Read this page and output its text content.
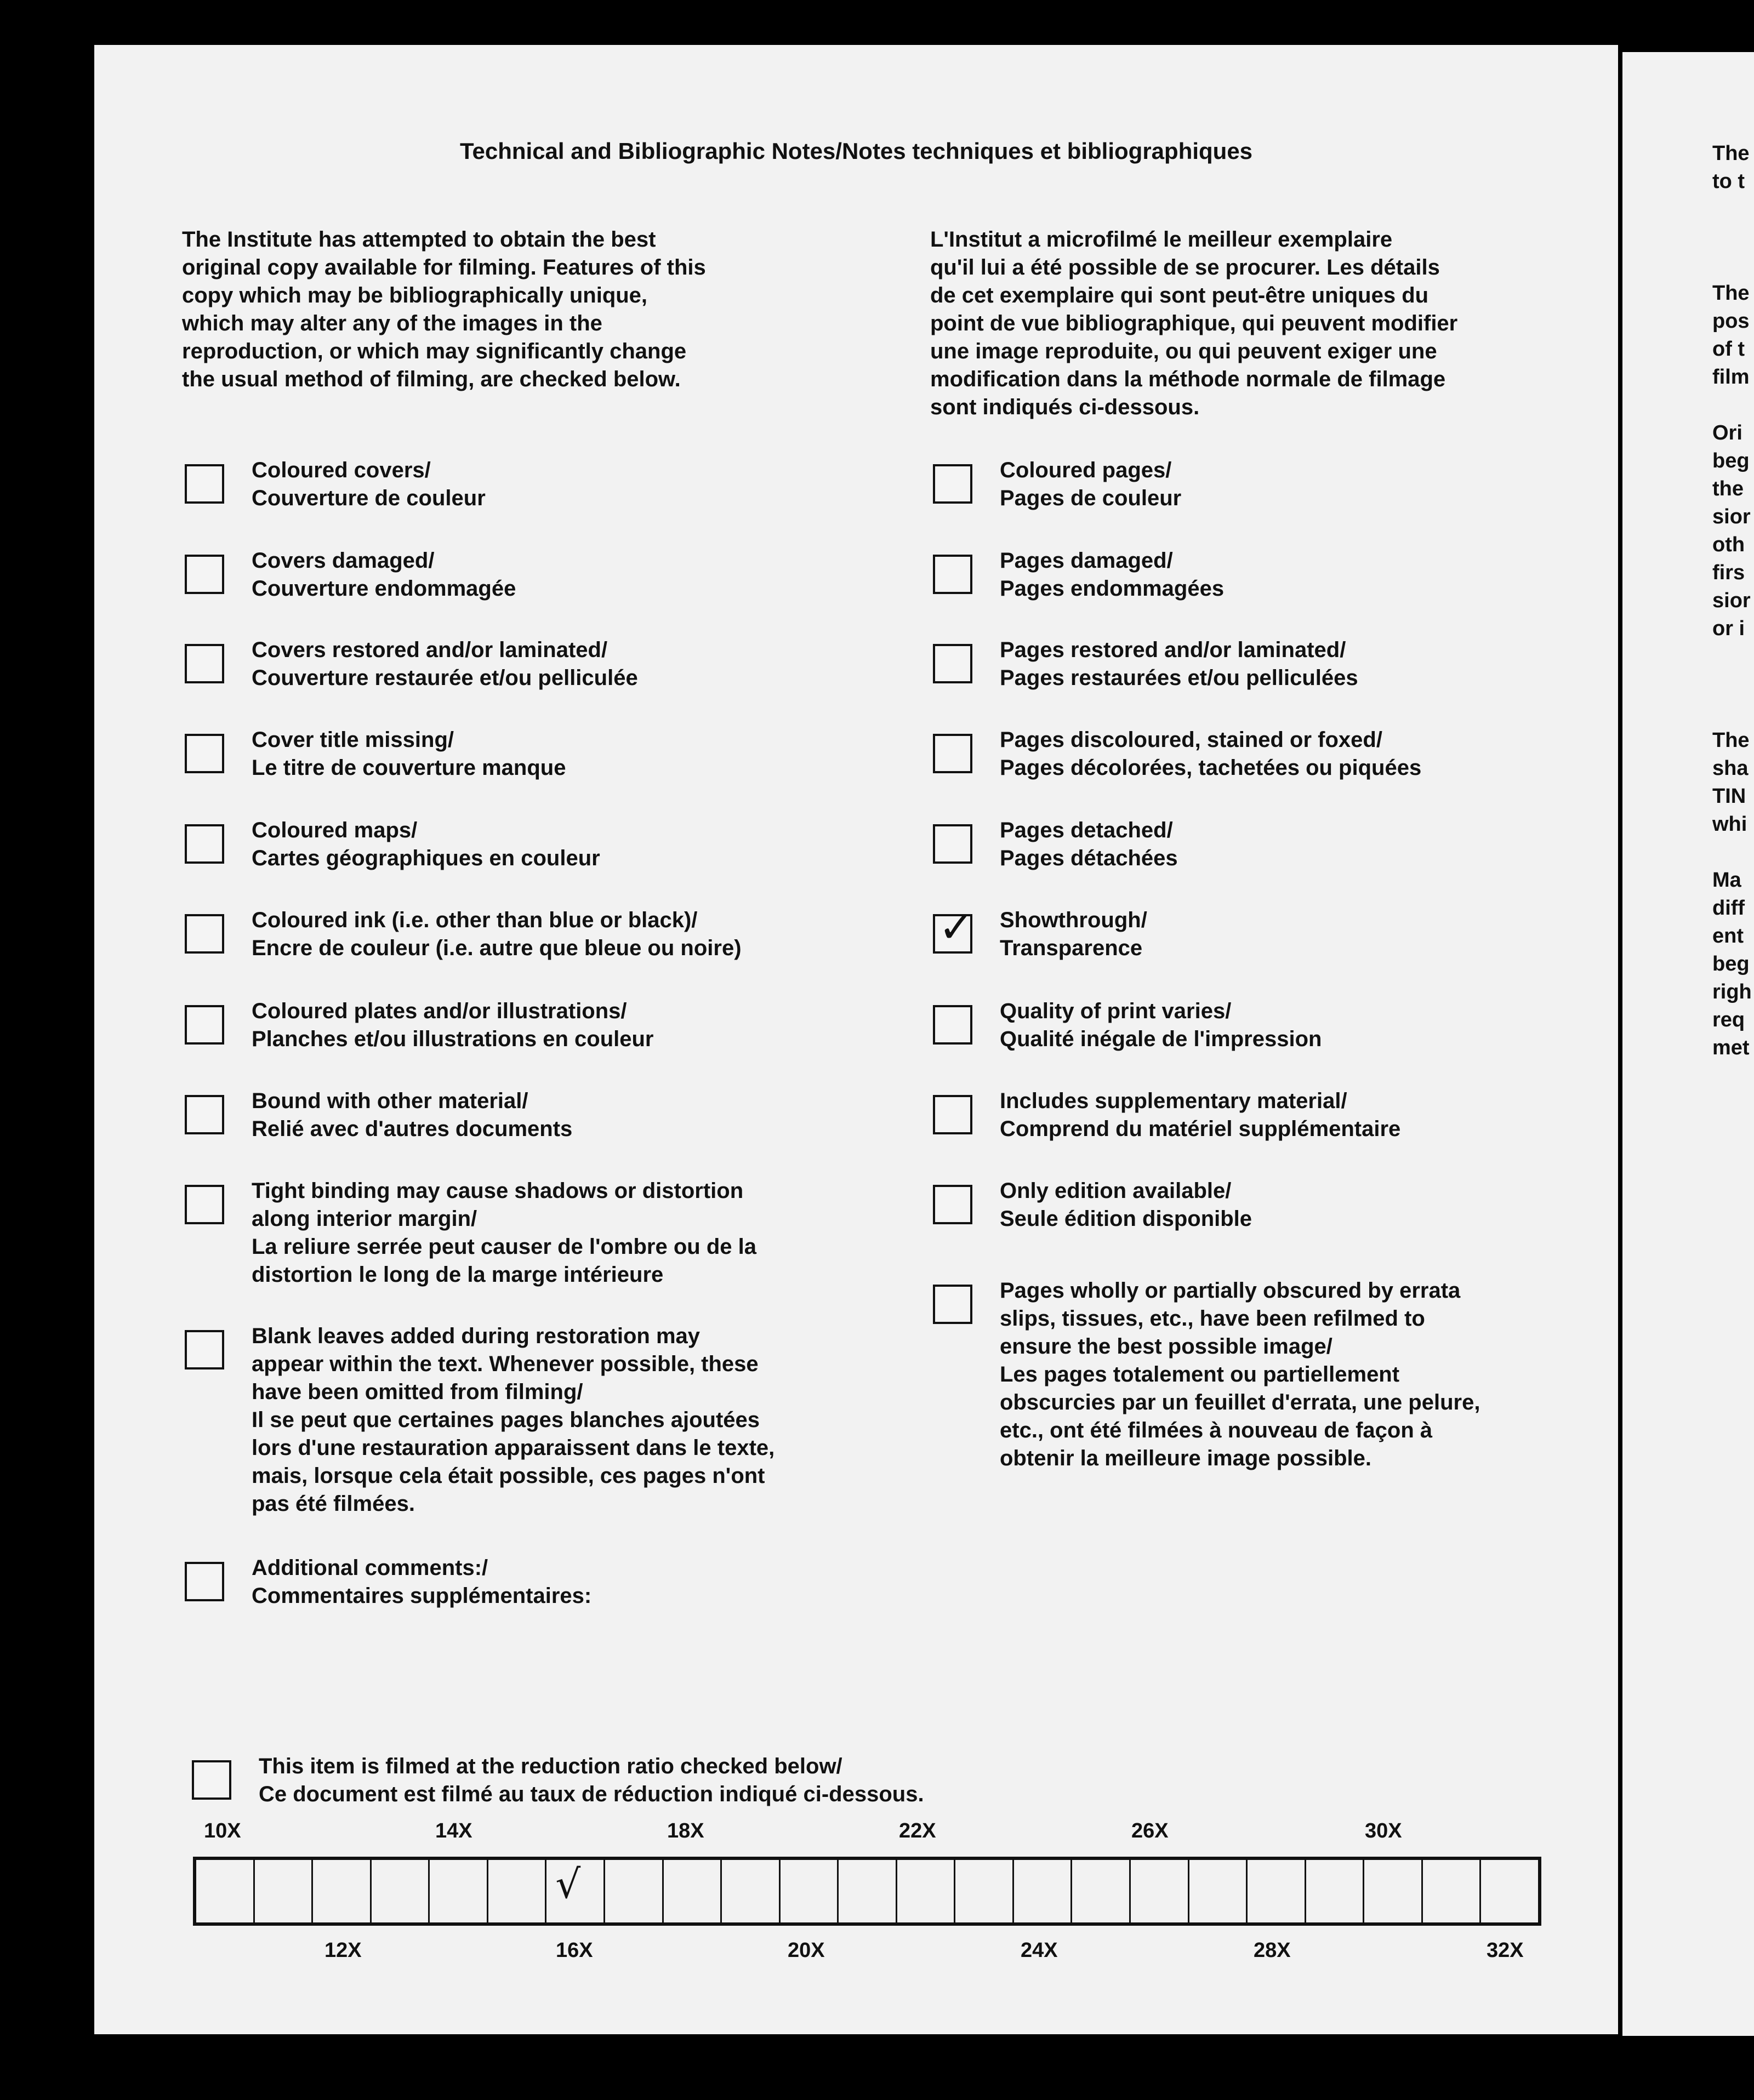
Technical and Bibliographic Notes/Notes techniques et bibliographiques
The Institute has attempted to obtain the best
original copy available for filming. Features of this
copy which may be bibliographically unique,
which may alter any of the images in the
reproduction, or which may significantly change
the usual method of filming, are checked below.
L'Institut a microfilmé le meilleur exemplaire
qu'il lui a été possible de se procurer. Les détails
de cet exemplaire qui sont peut-être uniques du
point de vue bibliographique, qui peuvent modifier
une image reproduite, ou qui peuvent exiger une
modification dans la méthode normale de filmage
sont indiqués ci-dessous.
Coloured covers/
Couverture de couleur
Covers damaged/
Couverture endommagée
Covers restored and/or laminated/
Couverture restaurée et/ou pelliculée
Cover title missing/
Le titre de couverture manque
Coloured maps/
Cartes géographiques en couleur
Coloured ink (i.e. other than blue or black)/
Encre de couleur (i.e. autre que bleue ou noire)
Coloured plates and/or illustrations/
Planches et/ou illustrations en couleur
Bound with other material/
Relié avec d'autres documents
Tight binding may cause shadows or distortion
along interior margin/
La reliure serrée peut causer de l'ombre ou de la
distortion le long de la marge intérieure
Blank leaves added during restoration may
appear within the text. Whenever possible, these
have been omitted from filming/
Il se peut que certaines pages blanches ajoutées
lors d'une restauration apparaissent dans le texte,
mais, lorsque cela était possible, ces pages n'ont
pas été filmées.
Additional comments:/
Commentaires supplémentaires:
Coloured pages/
Pages de couleur
Pages damaged/
Pages endommagées
Pages restored and/or laminated/
Pages restaurées et/ou pelliculées
Pages discoloured, stained or foxed/
Pages décolorées, tachetées ou piquées
Pages detached/
Pages détachées
✓ Showthrough/
Transparence
Quality of print varies/
Qualité inégale de l'impression
Includes supplementary material/
Comprend du matériel supplémentaire
Only edition available/
Seule édition disponible
Pages wholly or partially obscured by errata
slips, tissues, etc., have been refilmed to
ensure the best possible image/
Les pages totalement ou partiellement
obscurcies par un feuillet d'errata, une pelure,
etc., ont été filmées à nouveau de façon à
obtenir la meilleure image possible.
This item is filmed at the reduction ratio checked below/
Ce document est filmé au taux de réduction indiqué ci-dessous.
10X	14X	18X	22X	26X	30X
√
12X	16X	20X	24X	28X	32X
The
to t
The
pos
of t
film
Ori
beg
the
sior
oth
firs
sior
or i
The
sha
TIN
whi
Ma
diff
ent
beg
righ
req
met
